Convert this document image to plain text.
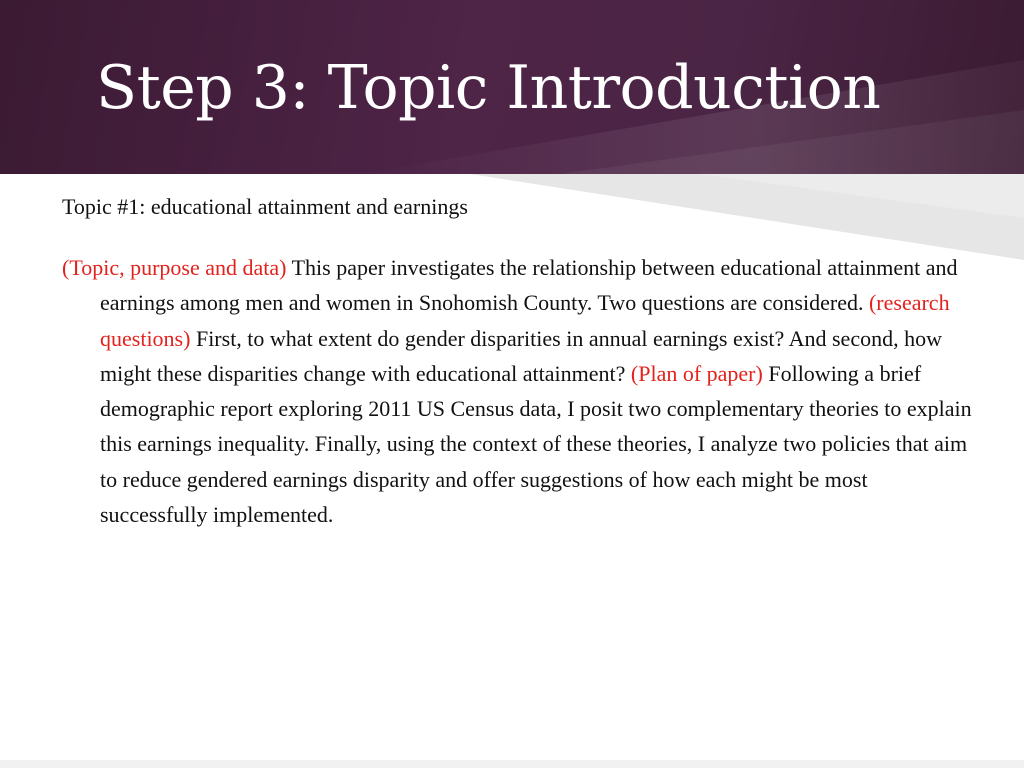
Step 3: Topic Introduction

Topic #1: educational attainment and earnings

(Topic, purpose and data) This paper investigates the relationship between educational attainment and earnings among men and women in Snohomish County. Two questions are considered. (research questions) First, to what extent do gender disparities in annual earnings exist? And second, how might these disparities change with educational attainment? (Plan of paper) Following a brief demographic report exploring 2011 US Census data, I posit two complementary theories to explain this earnings inequality. Finally, using the context of these theories, I analyze two policies that aim to reduce gendered earnings disparity and offer suggestions of how each might be most successfully implemented.
